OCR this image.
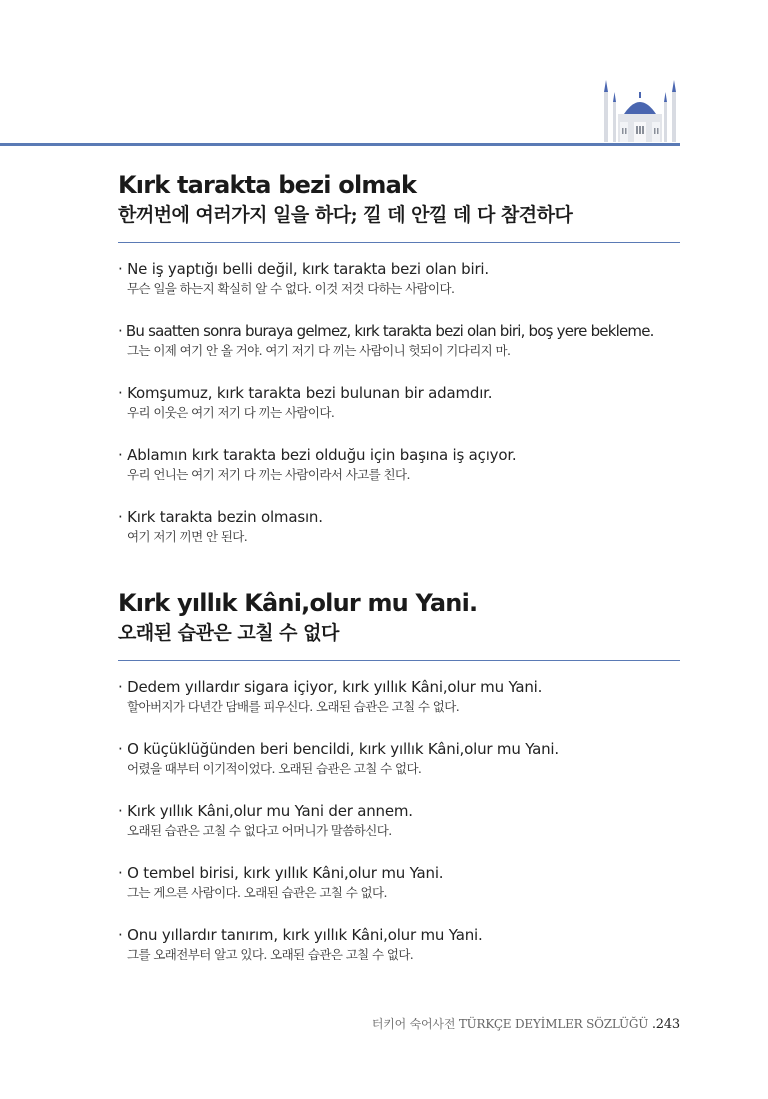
Kırk tarakta bezi olmak
한꺼번에 여러가지 일을 하다; 낄 데 안낄 데 다 참견하다
· Ne iş yaptığı belli değil, kırk tarakta bezi olan biri.
무슨 일을 하는지 확실히 알 수 없다. 이것 저것 다하는 사람이다.
· Bu saatten sonra buraya gelmez, kırk tarakta bezi olan biri, boş yere bekleme.
그는 이제 여기 안 올 거야. 여기 저기 다 끼는 사람이니 헛되이 기다리지 마.
· Komşumuz, kırk tarakta bezi bulunan bir adamdır.
우리 이웃은 여기 저기 다 끼는 사람이다.
· Ablamın kırk tarakta bezi olduğu için başına iş açıyor.
우리 언니는 여기 저기 다 끼는 사람이라서 사고를 친다.
· Kırk tarakta bezin olmasın.
여기 저기 끼면 안 된다.
Kırk yıllık Kâni,olur mu Yani.
오래된 습관은 고칠 수 없다
· Dedem yıllardır sigara içiyor, kırk yıllık Kâni,olur mu Yani.
할아버지가 다년간 담배를 피우신다. 오래된 습관은 고칠 수 없다.
· O küçüklüğünden beri bencildi, kırk yıllık Kâni,olur mu Yani.
어렸을 때부터 이기적이었다. 오래된 습관은 고칠 수 없다.
· Kırk yıllık Kâni,olur mu Yani der annem.
오래된 습관은 고칠 수 없다고 어머니가 말씀하신다.
· O tembel birisi, kırk yıllık Kâni,olur mu Yani.
그는 게으른 사람이다. 오래된 습관은 고칠 수 없다.
· Onu yıllardır tanırım, kırk yıllık Kâni,olur mu Yani.
그를 오래전부터 알고 있다. 오래된 습관은 고칠 수 없다.
터키어 숙어사전 TÜRKÇE DEYİMLER SÖZLÜĞÜ .243
